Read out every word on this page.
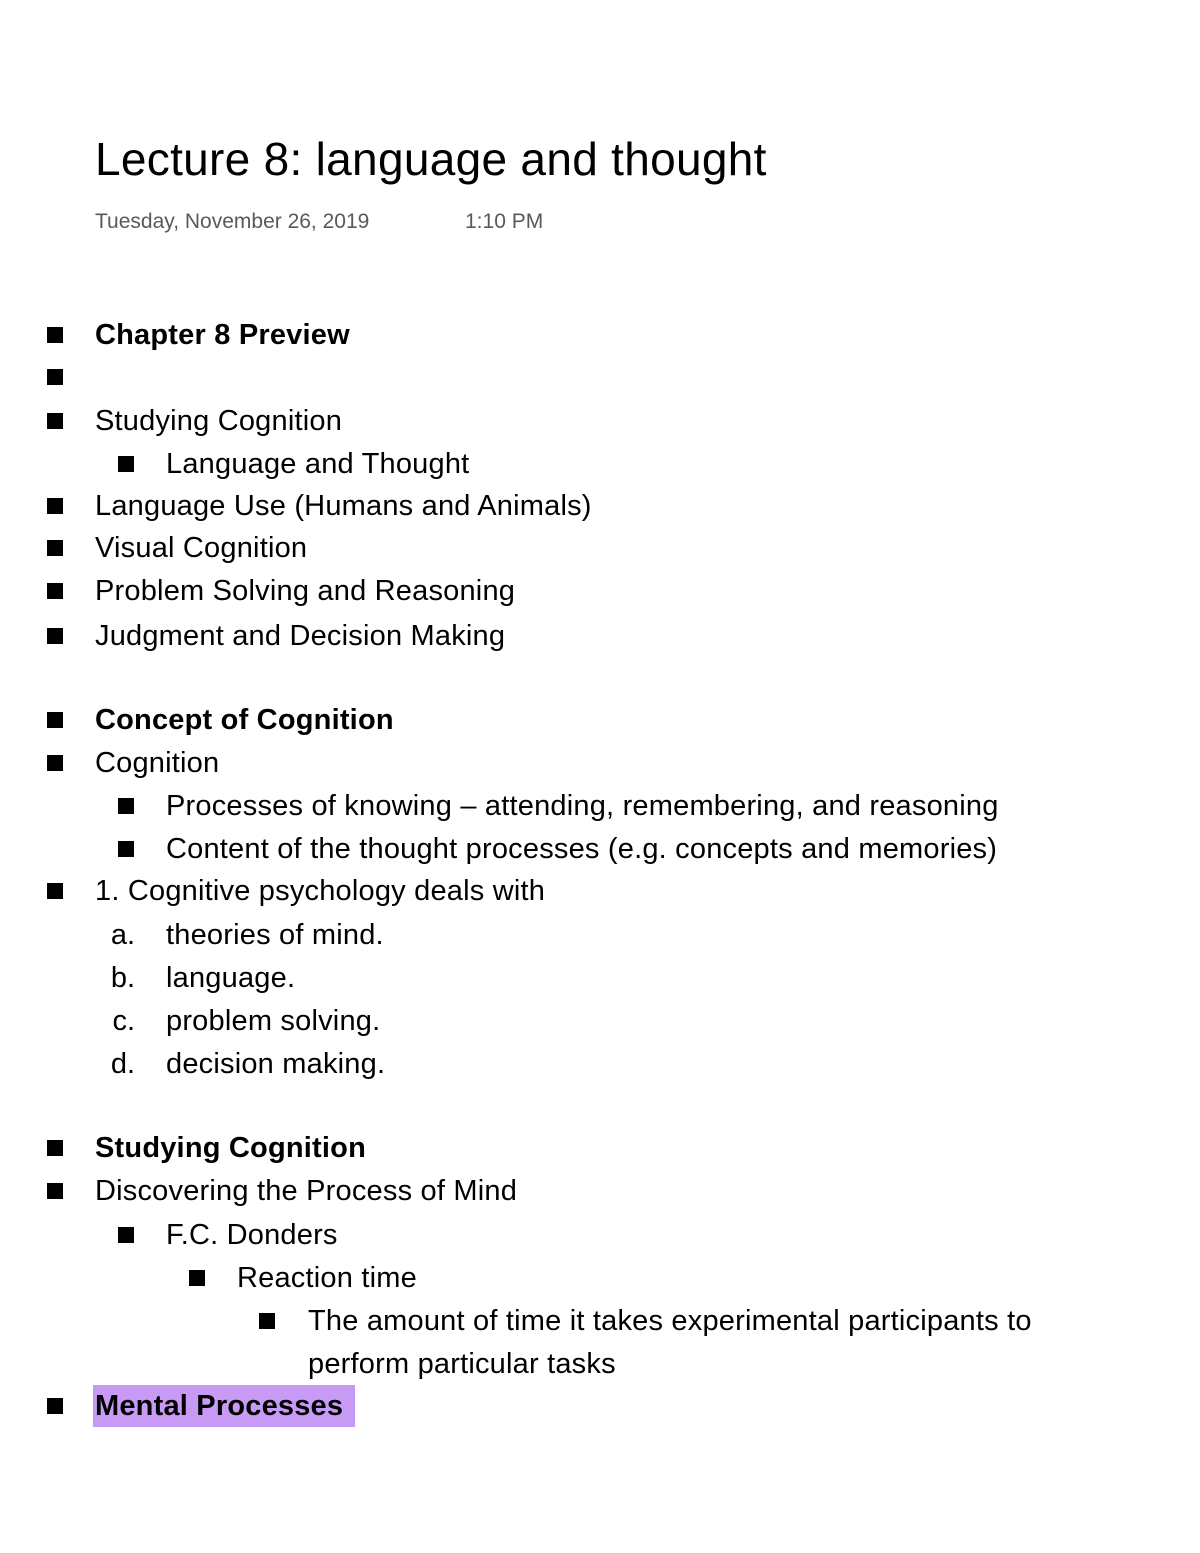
Lecture 8: language and thought
Tuesday, November 26, 2019	1:10 PM
Chapter 8 Preview
Studying Cognition
Language and Thought
Language Use (Humans and Animals)
Visual Cognition
Problem Solving and Reasoning
Judgment and Decision Making
Concept of Cognition
Cognition
Processes of knowing – attending, remembering, and reasoning
Content of the thought processes (e.g. concepts and memories)
1. Cognitive psychology deals with
a. theories of mind.
b. language.
c. problem solving.
d. decision making.
Studying Cognition
Discovering the Process of Mind
F.C. Donders
Reaction time
The amount of time it takes experimental participants to
perform particular tasks
Mental Processes
